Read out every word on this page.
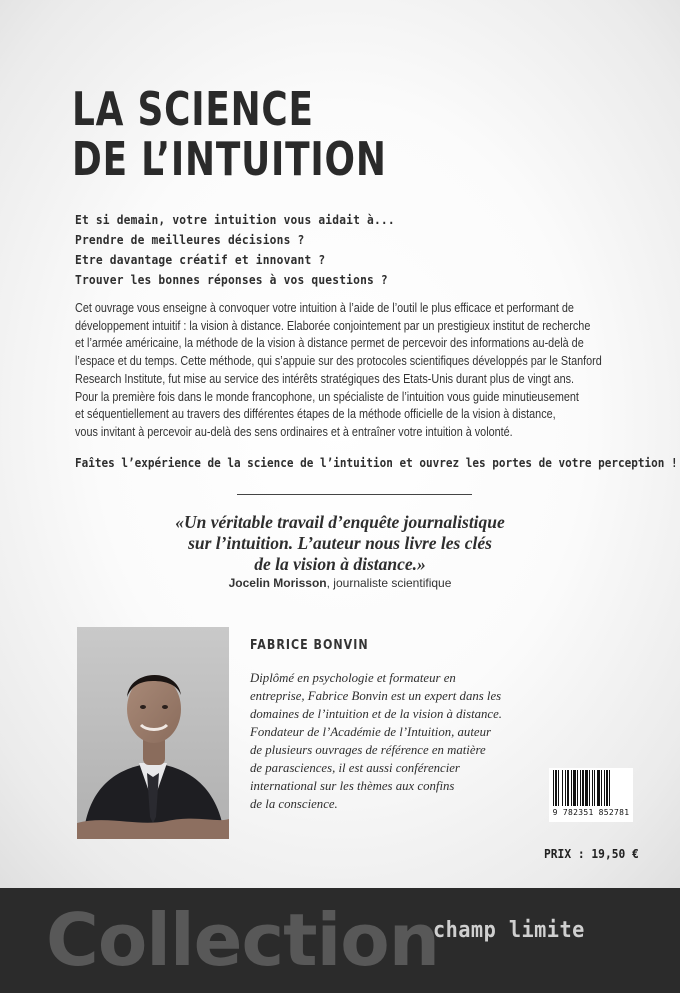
LA SCIENCE
DE L’INTUITION
Et si demain, votre intuition vous aidait à...
Prendre de meilleures décisions ?
Etre davantage créatif et innovant ?
Trouver les bonnes réponses à vos questions ?
Cet ouvrage vous enseigne à convoquer votre intuition à l’aide de l’outil le plus efficace et performant de
développement intuitif : la vision à distance. Elaborée conjointement par un prestigieux institut de recherche
et l’armée américaine, la méthode de la vision à distance permet de percevoir des informations au-delà de
l’espace et du temps. Cette méthode, qui s’appuie sur des protocoles scientifiques développés par le Stanford
Research Institute, fut mise au service des intérêts stratégiques des Etats-Unis durant plus de vingt ans.
Pour la première fois dans le monde francophone, un spécialiste de l’intuition vous guide minutieusement
et séquentiellement au travers des différentes étapes de la méthode officielle de la vision à distance,
vous invitant à percevoir au-delà des sens ordinaires et à entraîner votre intuition à volonté.
Faîtes l’expérience de la science de l’intuition et ouvrez les portes de votre perception !
«Un véritable travail d’enquête journalistique
sur l’intuition. L’auteur nous livre les clés
de la vision à distance.»
Jocelin Morisson, journaliste scientifique
FABRICE BONVIN
Diplômé en psychologie et formateur en
entreprise, Fabrice Bonvin est un expert dans les
domaines de l’intuition et de la vision à distance.
Fondateur de l’Académie de l’Intuition, auteur
de plusieurs ouvrages de référence en matière
de parasciences, il est aussi conférencier
international sur les thèmes aux confins
de la conscience.
9 782351 852781
PRIX : 19,50 €
Collection
champ limite
